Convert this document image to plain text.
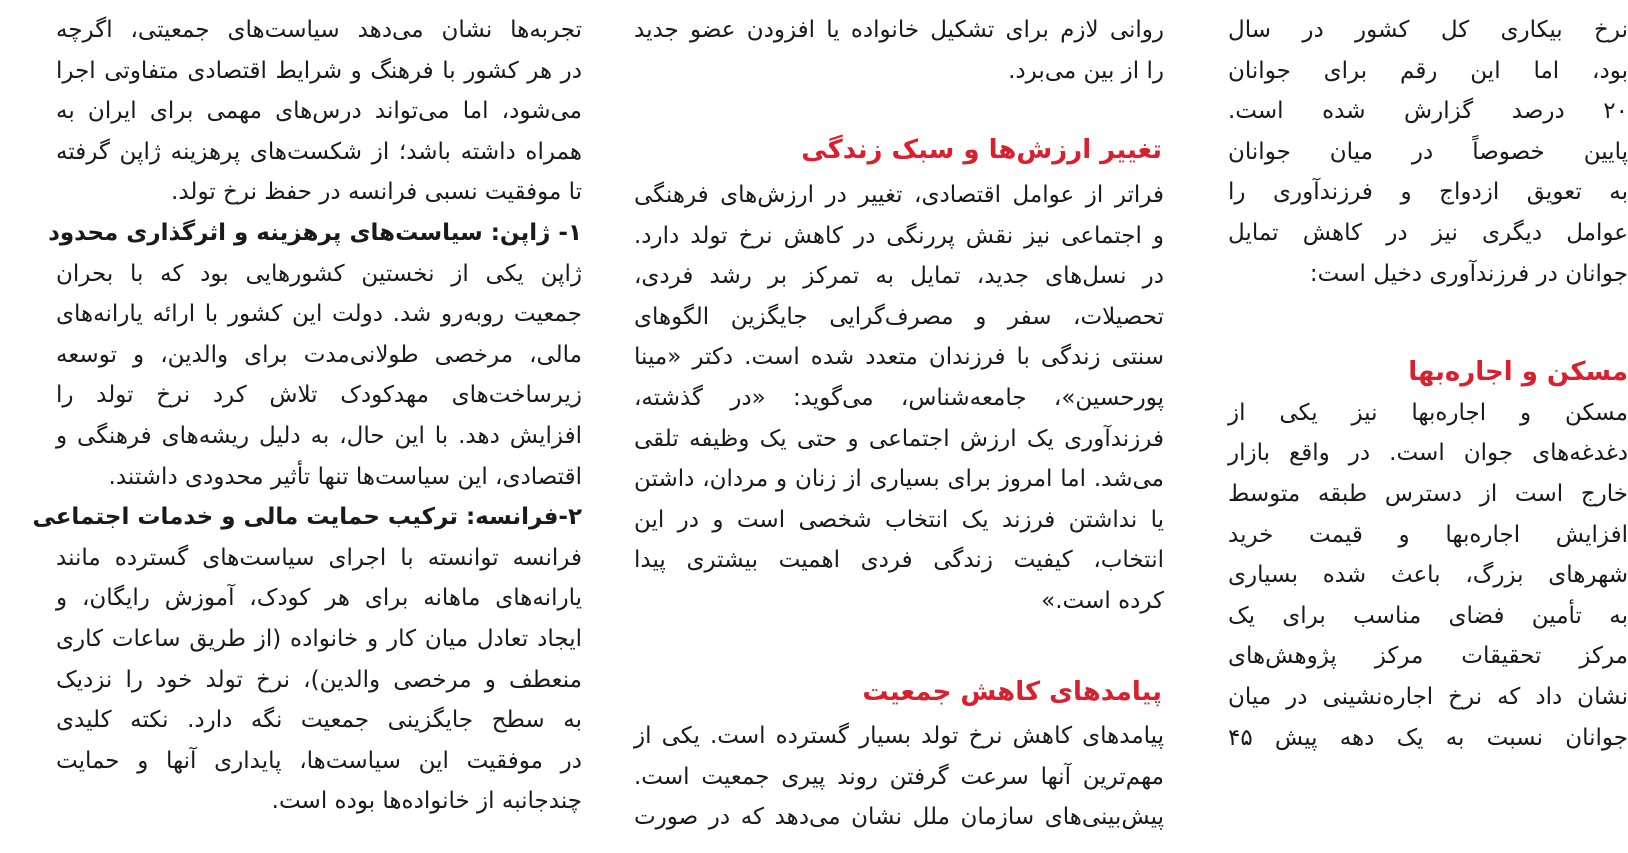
تجربه‌ها نشان می‌دهد سیاست‌های جمعیتی، اگرچه
در هر کشور با فرهنگ و شرایط اقتصادی متفاوتی اجرا
می‌شود، اما می‌تواند درس‌های مهمی برای ایران به
همراه داشته باشد؛ از شکست‌های پرهزینه ژاپن گرفته
تا موفقیت نسبی فرانسه در حفظ نرخ تولد.
۱- ژاپن: سیاست‌های پرهزینه و اثرگذاری محدود
ژاپن یکی از نخستین کشورهایی بود که با بحران
جمعیت روبه‌رو شد. دولت این کشور با ارائه یارانه‌های
مالی، مرخصی طولانی‌مدت برای والدین، و توسعه
زیرساخت‌های مهدکودک تلاش کرد نرخ تولد را
افزایش دهد. با این حال، به دلیل ریشه‌های فرهنگی و
اقتصادی، این سیاست‌ها تنها تأثیر محدودی داشتند.
۲-فرانسه: ترکیب حمایت مالی و خدمات اجتماعی
فرانسه توانسته با اجرای سیاست‌های گسترده مانند
یارانه‌های ماهانه برای هر کودک، آموزش رایگان، و
ایجاد تعادل میان کار و خانواده (از طریق ساعات کاری
منعطف و مرخصی والدین)، نرخ تولد خود را نزدیک
به سطح جایگزینی جمعیت نگه دارد. نکته کلیدی
در موفقیت این سیاست‌ها، پایداری آنها و حمایت
چندجانبه از خانواده‌ها بوده است.
روانی لازم برای تشکیل خانواده یا افزودن عضو جدید
را از بین می‌برد.
تغییر ارزش‌ها و سبک زندگی
فراتر از عوامل اقتصادی، تغییر در ارزش‌های فرهنگی
و اجتماعی نیز نقش پررنگی در کاهش نرخ تولد دارد.
در نسل‌های جدید، تمایل به تمرکز بر رشد فردی،
تحصیلات، سفر و مصرف‌گرایی جایگزین الگوهای
سنتی زندگی با فرزندان متعدد شده است. دکتر «مینا
پورحسین»، جامعه‌شناس، می‌گوید: «در گذشته،
فرزندآوری یک ارزش اجتماعی و حتی یک وظیفه تلقی
می‌شد. اما امروز برای بسیاری از زنان و مردان، داشتن
یا نداشتن فرزند یک انتخاب شخصی است و در این
انتخاب، کیفیت زندگی فردی اهمیت بیشتری پیدا
کرده است.»
پیامدهای کاهش جمعیت
پیامدهای کاهش نرخ تولد بسیار گسترده است. یکی از
مهم‌ترین آنها سرعت گرفتن روند پیری جمعیت است.
پیش‌بینی‌های سازمان ملل نشان می‌دهد که در صورت
نرخ بیکاری کل کشور در سال
بود، اما این رقم برای جوانان
۲۰ درصد گزارش شده است.
پایین خصوصاً در میان جوانان
به تعویق ازدواج و فرزندآوری را
عوامل دیگری نیز در کاهش تمایل
جوانان در فرزندآوری دخیل است:
مسکن و اجاره‌بها
مسکن و اجاره‌بها نیز یکی از
دغدغه‌های جوان است. در واقع بازار
خارج است از دسترس طبقه متوسط
افزایش اجاره‌بها و قیمت خرید
شهرهای بزرگ، باعث شده بسیاری
به تأمین فضای مناسب برای یک
مرکز تحقیقات مرکز پژوهش‌های
نشان داد که نرخ اجاره‌نشینی در میان
جوانان نسبت به یک دهه پیش ۴۵
